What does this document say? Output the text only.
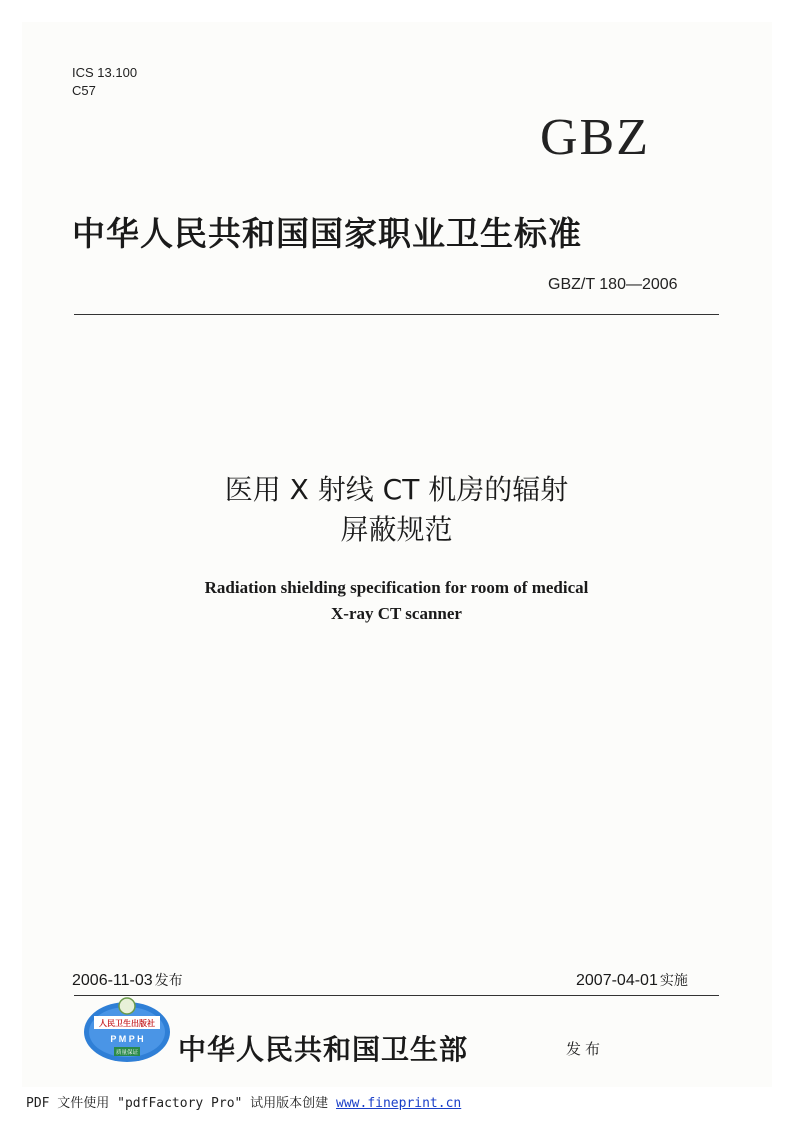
ICS 13.100
C57
GBZ
中华人民共和国国家职业卫生标准
GBZ/T 180—2006
医用 X 射线 CT 机房的辐射
屏蔽规范
Radiation shielding specification for room of medical
X-ray CT scanner
2006-11-03 发布	2007-04-01 实施
人民卫生出版社
P M P H
质量保证 中华人民共和国卫生部	发布
PDF 文件使用 "pdfFactory Pro" 试用版本创建 www.fineprint.cn
